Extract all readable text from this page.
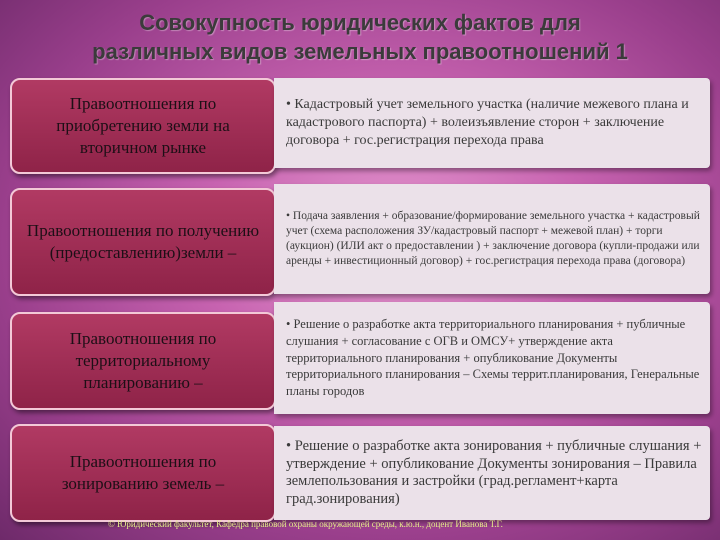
Совокупность юридических фактов для
различных видов земельных правоотношений 1
Правоотношения по приобретению земли на вторичном рынке
• Кадастровый учет земельного участка (наличие межевого плана и кадастрового паспорта) + волеизъявление сторон + заключение договора + гос.регистрация перехода права
Правоотношения по получению (предоставлению)земли –
• Подача заявления + образование/формирование земельного участка + кадастровый учет (схема расположения ЗУ/кадастровый паспорт + межевой план) + торги (аукцион) (ИЛИ акт о предоставлении ) + заключение договора (купли-продажи или аренды + инвестиционный договор) + гос.регистрация перехода права (договора)
Правоотношения по территориальному планированию –
• Решение о разработке акта территориального планирования + публичные слушания + согласование с ОГВ и ОМСУ+ утверждение акта территориального планирования + опубликование Документы территориального планирования – Схемы террит.планирования, Генеральные планы городов
Правоотношения по зонированию земель –
• Решение о разработке акта зонирования + публичные слушания + утверждение + опубликование Документы зонирования – Правила землепользования и застройки (град.регламент+карта град.зонирования)
© Юридический факультет, Кафедра правовой охраны окружающей среды, к.ю.н., доцент Иванова Т.Г.
